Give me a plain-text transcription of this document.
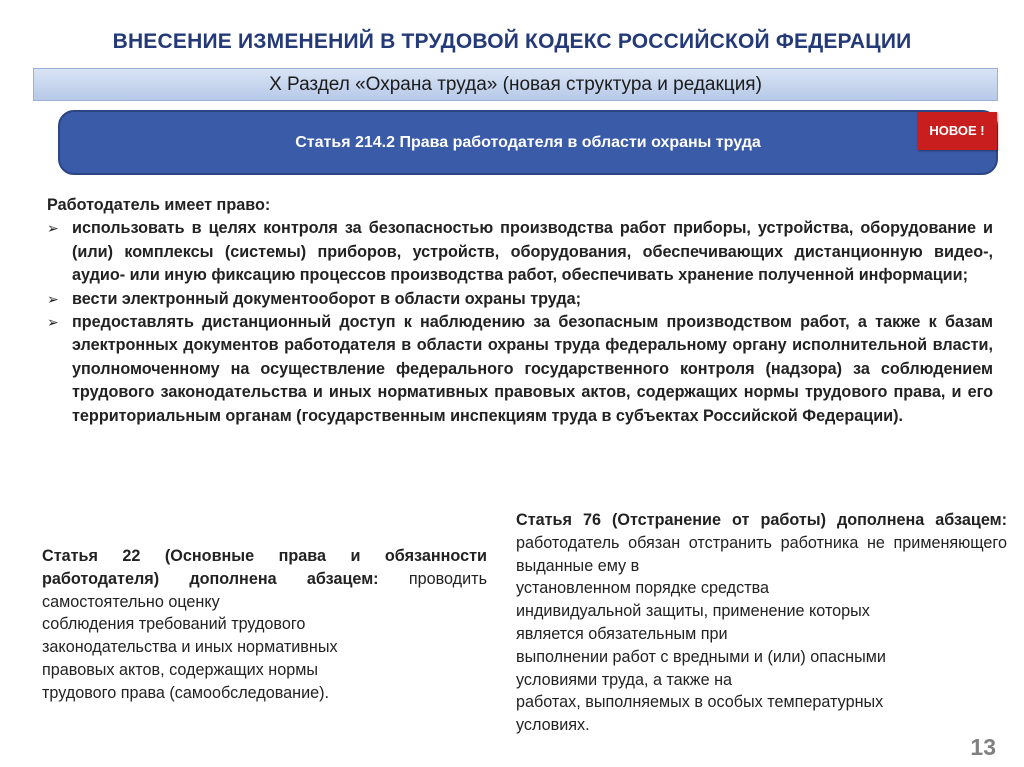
ВНЕСЕНИЕ ИЗМЕНЕНИЙ В ТРУДОВОЙ КОДЕКС РОССИЙСКОЙ ФЕДЕРАЦИИ
Х Раздел «Охрана труда» (новая структура и редакция)
Статья 214.2 Права работодателя в области охраны труда
НОВОЕ !

Работодатель имеет право:

➢ использовать в целях контроля за безопасностью производства работ приборы, устройства, оборудование и (или) комплексы (системы) приборов, устройств, оборудования, обеспечивающих дистанционную видео-, аудио- или иную фиксацию процессов производства работ, обеспечивать хранение полученной информации;
➢ вести электронный документооборот в области охраны труда;
➢ предоставлять дистанционный доступ к наблюдению за безопасным производством работ, а также к базам электронных документов работодателя в области охраны труда федеральному органу исполнительной власти, уполномоченному на осуществление федерального государственного контроля (надзора) за соблюдением трудового законодательства и иных нормативных правовых актов, содержащих нормы трудового права, и его территориальным органам (государственным инспекциям труда в субъектах Российской Федерации).
Статья 22 (Основные права и обязанности работодателя) дополнена абзацем: проводить самостоятельно оценку
соблюдения требований трудового
законодательства и иных нормативных
правовых актов, содержащих нормы
трудового права (самообследование).
Статья 76 (Отстранение от работы) дополнена абзацем: работодатель обязан отстранить работника не применяющего выданные ему в
установленном порядке средства
индивидуальной защиты, применение которых
является обязательным при
выполнении работ с вредными и (или) опасными
условиями труда, а также на
работах, выполняемых в особых температурных
условиях.
13
